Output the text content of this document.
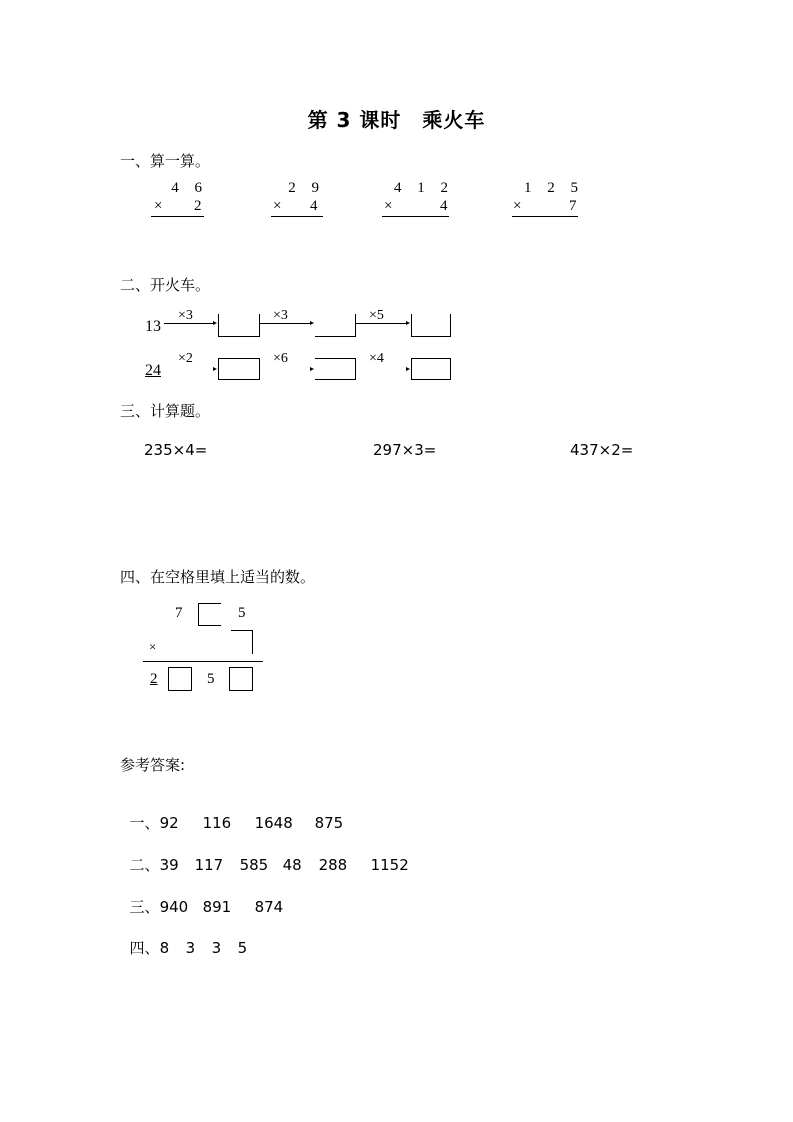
第 3 课时　乘火车
一、算一算。
4 6
× 2
2 9
× 4
4 1 2
×	4
1 2 5
×	7
二、开火车。
13
×3	×3	×5
24
×2	×6	×4
三、计算题。
235×4=	297×3=	437×2=
四、在空格里填上适当的数。
7	5
×
2	5
参考答案:

一、92 116 1648 875

二、39 117 585 48 288 1152

三、940 891 874

四、8 3 3 5
